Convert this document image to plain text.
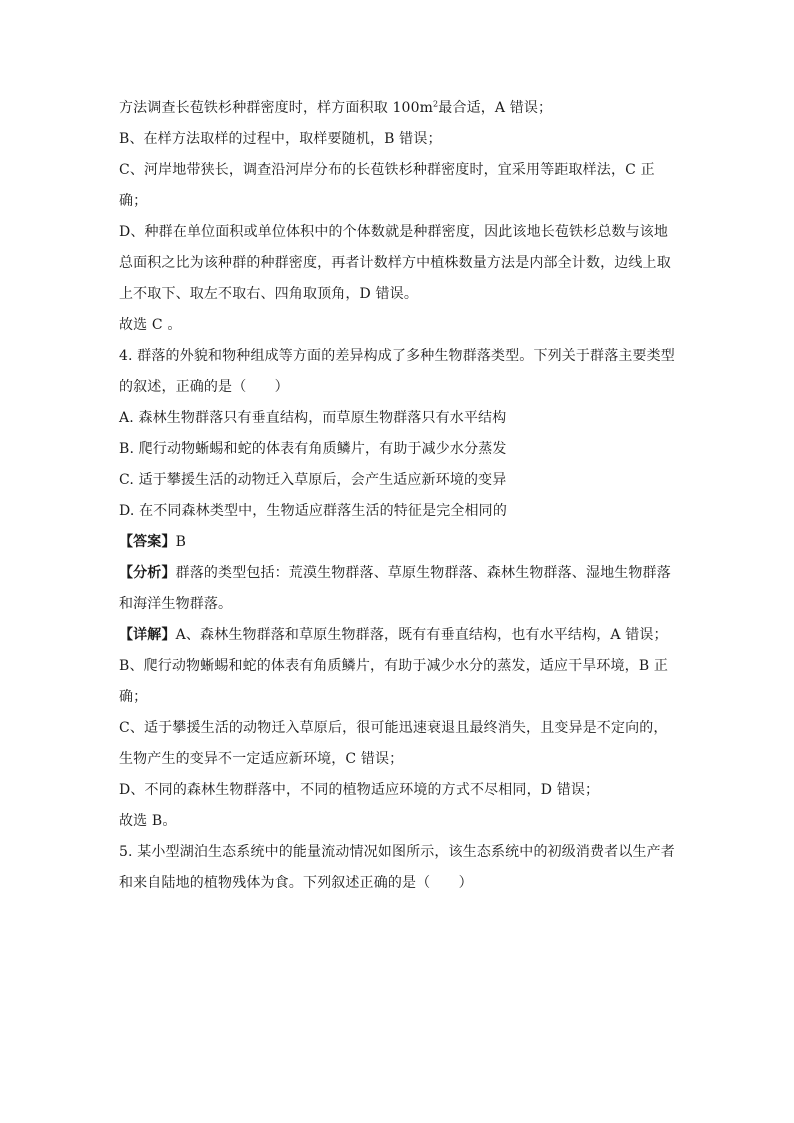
方法调查长苞铁杉种群密度时，样方面积取 $100m^2$最合适，A 错误；
B、在样方法取样的过程中，取样要随机，B 错误；
C、河岸地带狭长，调查沿河岸分布的长苞铁杉种群密度时，宜采用等距取样法，C 正
确；
D、种群在单位面积或单位体积中的个体数就是种群密度，因此该地长苞铁杉总数与该地
总面积之比为该种群的种群密度，再者计数样方中植株数量方法是内部全计数，边线上取
上不取下、取左不取右、四角取顶角，D 错误。
故选 C 。
4. 群落的外貌和物种组成等方面的差异构成了多种生物群落类型。下列关于群落主要类型
的叙述，正确的是（　　）
A. 森林生物群落只有垂直结构，而草原生物群落只有水平结构
B. 爬行动物蜥蜴和蛇的体表有角质鳞片，有助于减少水分蒸发
C. 适于攀援生活的动物迁入草原后，会产生适应新环境的变异
D. 在不同森林类型中，生物适应群落生活的特征是完全相同的
【答案】B
【分析】群落的类型包括：荒漠生物群落、草原生物群落、森林生物群落、湿地生物群落
和海洋生物群落。
【详解】A、森林生物群落和草原生物群落，既有有垂直结构，也有水平结构，A 错误；
B、爬行动物蜥蜴和蛇的体表有角质鳞片，有助于减少水分的蒸发，适应干旱环境，B 正
确；
C、适于攀援生活的动物迁入草原后，很可能迅速衰退且最终消失，且变异是不定向的，
生物产生的变异不一定适应新环境，C 错误；
D、不同的森林生物群落中，不同的植物适应环境的方式不尽相同，D 错误；
故选 B。
5. 某小型湖泊生态系统中的能量流动情况如图所示，该生态系统中的初级消费者以生产者
和来自陆地的植物残体为食。下列叙述正确的是（　　）
